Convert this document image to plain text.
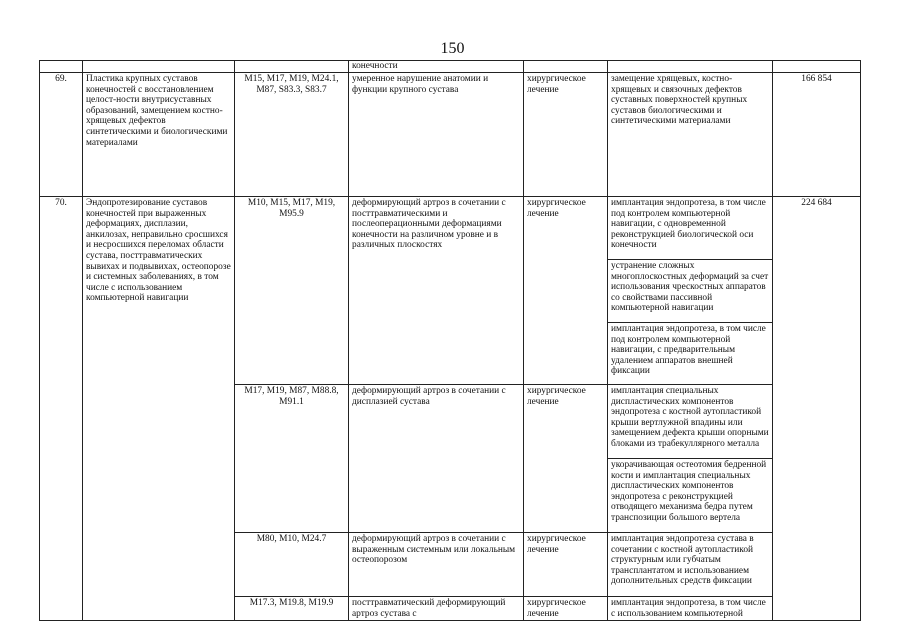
150
			конечности			
69.	Пластика крупных суставов конечностей с восстановлением целост-ности внутрисуставных образований, замещением костно-хрящевых дефектов синтетическими и биологическими материалами	M15, M17, M19, M24.1, M87, S83.3, S83.7	умеренное нарушение анатомии и функции крупного сустава	хирургическое лечение	замещение хрящевых, костно-хрящевых и связочных дефектов суставных поверхностей крупных суставов биологическими и синтетическими материалами	166 854
70.	Эндопротезирование суставов конечностей при выраженных деформациях, дисплазии, анкилозах, неправильно сросшихся и несросшихся переломах области сустава, посттравматических вывихах и подвывихах, остеопорозе и системных заболеваниях, в том числе с использованием компьютерной навигации	M10, M15, M17, M19, M95.9	деформирующий артроз в сочетании с посттравматическими и послеоперационными деформациями конечности на различном уровне и в различных плоскостях	хирургическое лечение	имплантация эндопротеза, в том числе под контролем компьютерной навигации, с одновременной реконструкцией биологической оси конечности	224 684
					устранение сложных многоплоскостных деформаций за счет использования чрескостных аппаратов со свойствами пассивной компьютерной навигации	
					имплантация эндопротеза, в том числе под контролем компьютерной навигации, с предварительным удалением аппаратов внешней фиксации	
		M17, M19, M87, M88.8, M91.1	деформирующий артроз в сочетании с дисплазией сустава	хирургическое лечение	имплантация специальных диспластических компонентов эндопротеза с костной аутопластикой крыши вертлужной впадины или замещением дефекта крыши опорными блоками из трабекуллярного металла	
					укорачивающая остеотомия бедренной кости и имплантация специальных диспластических компонентов эндопротеза с реконструкцией отводящего механизма бедра путем транспозиции большого вертела	
		M80, M10, M24.7	деформирующий артроз в сочетании с выраженным системным или локальным остеопорозом	хирургическое лечение	имплантация эндопротеза сустава в сочетании с костной аутопластикой структурным или губчатым трансплантатом и использованием дополнительных средств фиксации	
		M17.3, M19.8, M19.9	посттравматический деформирующий артроз сустава с	хирургическое лечение	имплантация эндопротеза, в том числе с использованием компьютерной	
